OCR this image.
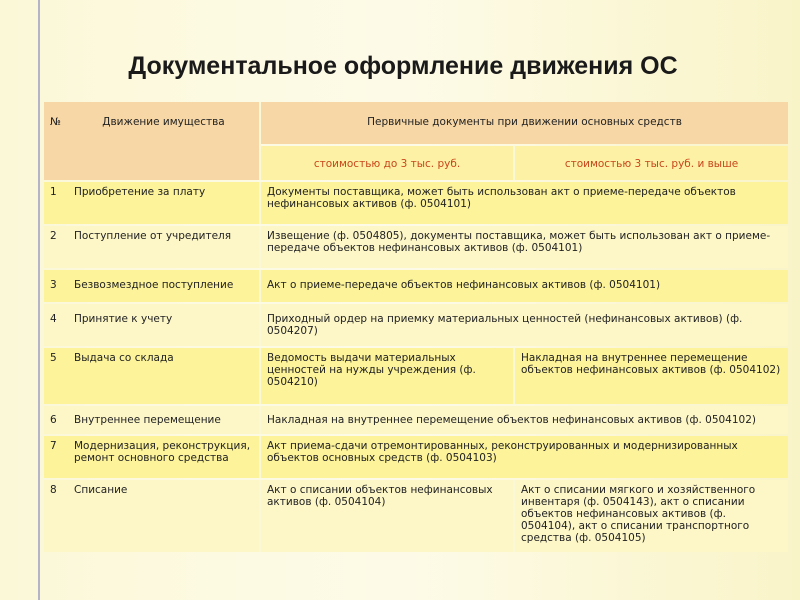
Документальное оформление движения ОС
№	Движение имущества	Первичные документы при движении основных средств	
		стоимостью до 3 тыс. руб.	стоимостью 3 тыс. руб. и выше
1	Приобретение за плату	Документы поставщика, может быть использован акт о приеме-передаче объектов нефинансовых активов (ф. 0504101)	
2	Поступление от учредителя	Извещение (ф. 0504805), документы поставщика, может быть использован акт о приеме-передаче объектов нефинансовых активов (ф. 0504101)	
3	Безвозмездное поступление	Акт о приеме-передаче объектов нефинансовых активов (ф. 0504101)	
4	Принятие к учету	Приходный ордер на приемку материальных ценностей (нефинансовых активов) (ф. 0504207)	
5	Выдача со склада	Ведомость выдачи материальных ценностей на нужды учреждения (ф. 0504210)	Накладная на внутреннее перемещение объектов нефинансовых активов (ф. 0504102)
6	Внутреннее перемещение	Накладная на внутреннее перемещение объектов нефинансовых активов (ф. 0504102)	
7	Модернизация, реконструкция, ремонт основного средства	Акт приема-сдачи отремонтированных, реконструированных и модернизированных объектов основных средств (ф. 0504103)	
8	Списание	Акт о списании объектов нефинансовых активов (ф. 0504104)	Акт о списании мягкого и хозяйственного инвентаря (ф. 0504143), акт о списании объектов нефинансовых активов (ф. 0504104), акт о списании транспортного средства (ф. 0504105)
